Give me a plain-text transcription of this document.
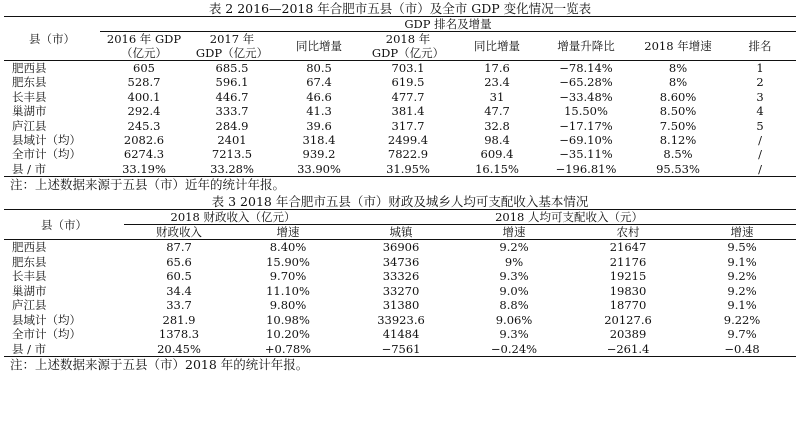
表 2 2016—2018 年合肥市五县（市）及全市 GDP 变化情况一览表
县（市）	GDP 排名及增量							
	2016 年 GDP	2017 年	同比增量	2018 年	同比增量	增量升降比	2018 年增速	排名
	（亿元）	GDP（亿元）		GDP（亿元）				
肥西县	605	685.5	80.5	703.1	17.6	−78.14%	8%	1
肥东县	528.7	596.1	67.4	619.5	23.4	−65.28%	8%	2
长丰县	400.1	446.7	46.6	477.7	31	−33.48%	8.60%	3
巢湖市	292.4	333.7	41.3	381.4	47.7	15.50%	8.50%	4
庐江县	245.3	284.9	39.6	317.7	32.8	−17.17%	7.50%	5
县域计（均）	2082.6	2401	318.4	2499.4	98.4	−69.10%	8.12%	/
全市计（均）	6274.3	7213.5	939.2	7822.9	609.4	−35.11%	8.5%	/
县 / 市	33.19%	33.28%	33.90%	31.95%	16.15%	−196.81%	95.53%	/
注：上述数据来源于五县（市）近年的统计年报。
表 3 2018 年合肥市五县（市）财政及城乡人均可支配收入基本情况
县（市）	2018 财政收入（亿元）		2018 人均可支配收入（元）			
	财政收入	增速	城镇	增速	农村	增速
肥西县	87.7	8.40%	36906	9.2%	21647	9.5%
肥东县	65.6	15.90%	34736	9%	21176	9.1%
长丰县	60.5	9.70%	33326	9.3%	19215	9.2%
巢湖市	34.4	11.10%	33270	9.0%	19830	9.2%
庐江县	33.7	9.80%	31380	8.8%	18770	9.1%
县域计（均）	281.9	10.98%	33923.6	9.06%	20127.6	9.22%
全市计（均）	1378.3	10.20%	41484	9.3%	20389	9.7%
县 / 市	20.45%	+0.78%	−7561	−0.24%	−261.4	−0.48
注：上述数据来源于五县（市）2018 年的统计年报。
